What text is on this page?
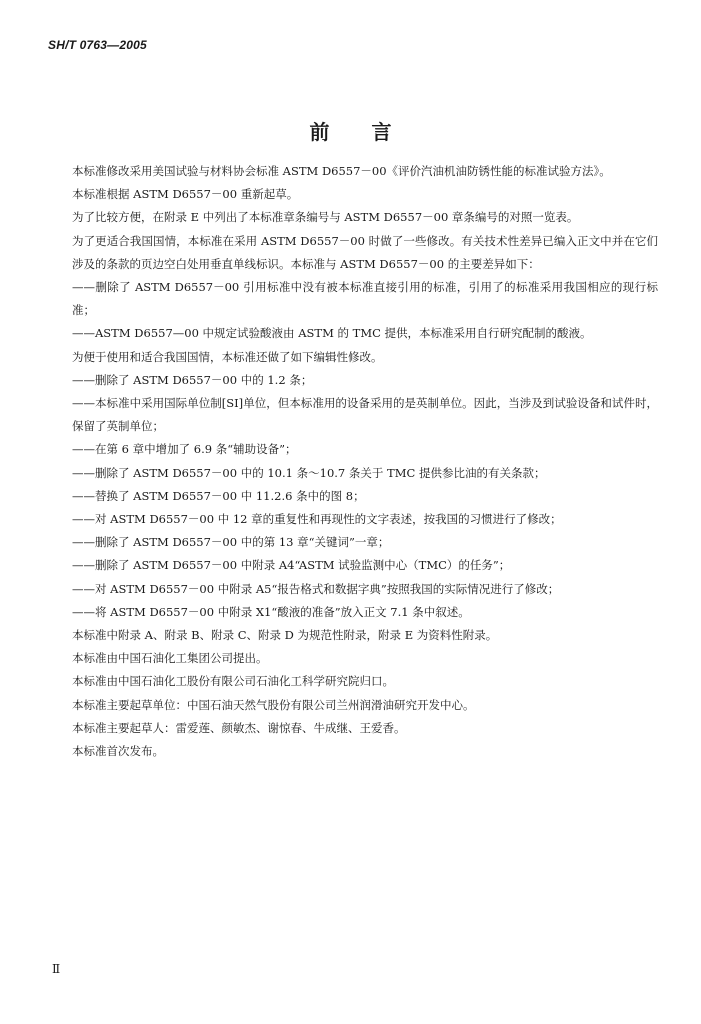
SH/T 0763—2005
前 言

本标准修改采用美国试验与材料协会标准 ASTM D6557－00《评价汽油机油防锈性能的标准试验方法》。

本标准根据 ASTM D6557－00 重新起草。

为了比较方便，在附录 E 中列出了本标准章条编号与 ASTM D6557－00 章条编号的对照一览表。

为了更适合我国国情，本标准在采用 ASTM D6557－00 时做了一些修改。有关技术性差异已编入正文中并在它们涉及的条款的页边空白处用垂直单线标识。本标准与 ASTM D6557－00 的主要差异如下：

——删除了 ASTM D6557－00 引用标准中没有被本标准直接引用的标准，引用了的标准采用我国相应的现行标准；

——ASTM D6557—00 中规定试验酸液由 ASTM 的 TMC 提供，本标准采用自行研究配制的酸液。

为便于使用和适合我国国情，本标准还做了如下编辑性修改。

——删除了 ASTM D6557－00 中的 1.2 条；

——本标准中采用国际单位制[SI]单位，但本标准用的设备采用的是英制单位。因此，当涉及到试验设备和试件时，保留了英制单位；

——在第 6 章中增加了 6.9 条“辅助设备”；

——删除了 ASTM D6557－00 中的 10.1 条～10.7 条关于 TMC 提供参比油的有关条款；

——替换了 ASTM D6557－00 中 11.2.6 条中的图 8；

——对 ASTM D6557－00 中 12 章的重复性和再现性的文字表述，按我国的习惯进行了修改；

——删除了 ASTM D6557－00 中的第 13 章“关键词”一章；

——删除了 ASTM D6557－00 中附录 A4“ASTM 试验监测中心（TMC）的任务”；

——对 ASTM D6557－00 中附录 A5“报告格式和数据字典”按照我国的实际情况进行了修改；

——将 ASTM D6557－00 中附录 X1“酸液的准备”放入正文 7.1 条中叙述。

本标准中附录 A、附录 B、附录 C、附录 D 为规范性附录，附录 E 为资料性附录。

本标准由中国石油化工集团公司提出。

本标准由中国石油化工股份有限公司石油化工科学研究院归口。

本标准主要起草单位：中国石油天然气股份有限公司兰州润滑油研究开发中心。

本标准主要起草人：雷爱莲、颜敏杰、谢惊春、牛成继、王爱香。

本标准首次发布。

Ⅱ
